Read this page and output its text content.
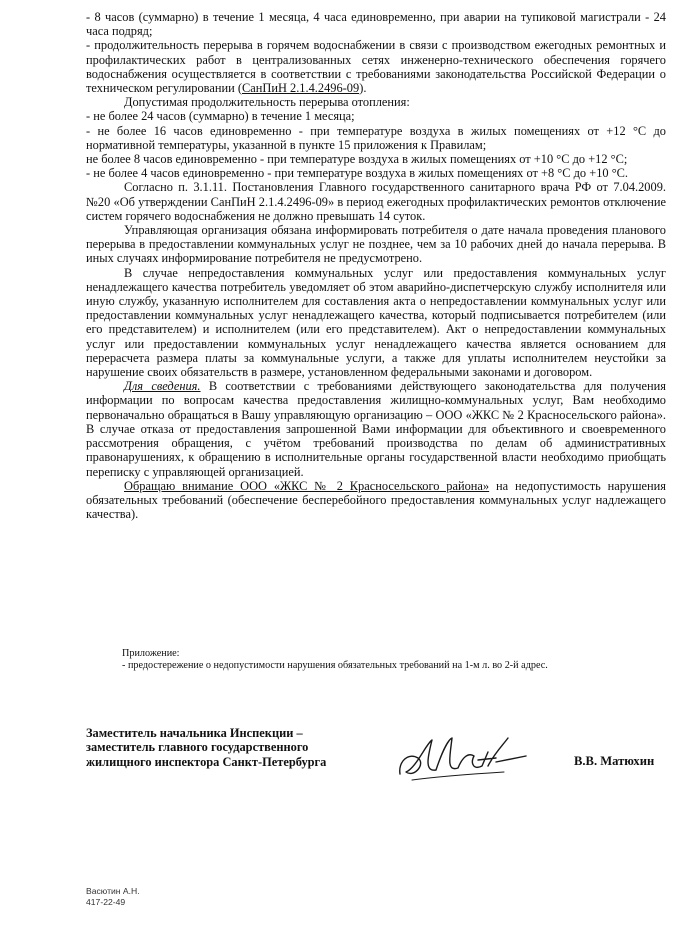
- 8 часов (суммарно) в течение 1 месяца, 4 часа единовременно, при аварии на тупиковой магистрали - 24 часа подряд;

- продолжительность перерыва в горячем водоснабжении в связи с производством ежегодных ремонтных и профилактических работ в централизованных сетях инженерно-технического обеспечения горячего водоснабжения осуществляется в соответствии с требованиями законодательства Российской Федерации о техническом регулировании (СанПиН 2.1.4.2496-09).

Допустимая продолжительность перерыва отопления:

- не более 24 часов (суммарно) в течение 1 месяца;

- не более 16 часов единовременно - при температуре воздуха в жилых помещениях от +12 °С до нормативной температуры, указанной в пункте 15 приложения к Правилам;

не более 8 часов единовременно - при температуре воздуха в жилых помещениях от +10 °С до +12 °С;

- не более 4 часов единовременно - при температуре воздуха в жилых помещениях от +8 °С до +10 °С.

Согласно п. 3.1.11. Постановления Главного государственного санитарного врача РФ от 7.04.2009. №20 «Об утверждении СанПиН 2.1.4.2496-09» в период ежегодных профилактических ремонтов отключение систем горячего водоснабжения не должно превышать 14 суток.

Управляющая организация обязана информировать потребителя о дате начала проведения планового перерыва в предоставлении коммунальных услуг не позднее, чем за 10 рабочих дней до начала перерыва. В иных случаях информирование потребителя не предусмотрено.

В случае непредоставления коммунальных услуг или предоставления коммунальных услуг ненадлежащего качества потребитель уведомляет об этом аварийно-диспетчерскую службу исполнителя или иную службу, указанную исполнителем для составления акта о непредоставлении коммунальных услуг или предоставлении коммунальных услуг ненадлежащего качества, который подписывается потребителем (или его представителем) и исполнителем (или его представителем). Акт о непредоставлении коммунальных услуг или предоставлении коммунальных услуг ненадлежащего качества является основанием для перерасчета размера платы за коммунальные услуги, а также для уплаты исполнителем неустойки за нарушение своих обязательств в размере, установленном федеральными законами и договором.

Для сведения. В соответствии с требованиями действующего законодательства для получения информации по вопросам качества предоставления жилищно-коммунальных услуг, Вам необходимо первоначально обращаться в Вашу управляющую организацию – ООО «ЖКС № 2 Красносельского района». В случае отказа от предоставления запрошенной Вами информации для объективного и своевременного рассмотрения обращения, с учётом требований производства по делам об административных правонарушениях, к обращению в исполнительные органы государственной власти необходимо приобщать переписку с управляющей организацией.

Обращаю внимание ООО «ЖКС № 2 Красносельского района» на недопустимость нарушения обязательных требований (обеспечение бесперебойного предоставления коммунальных услуг надлежащего качества).

Приложение:

- предостережение о недопустимости нарушения обязательных требований на 1-м л. во 2-й адрес.

Заместитель начальника Инспекции –

заместитель главного государственного

жилищного инспектора Санкт-Петербурга	В.В. Матюхин

Васютин А.Н.

417-22-49
